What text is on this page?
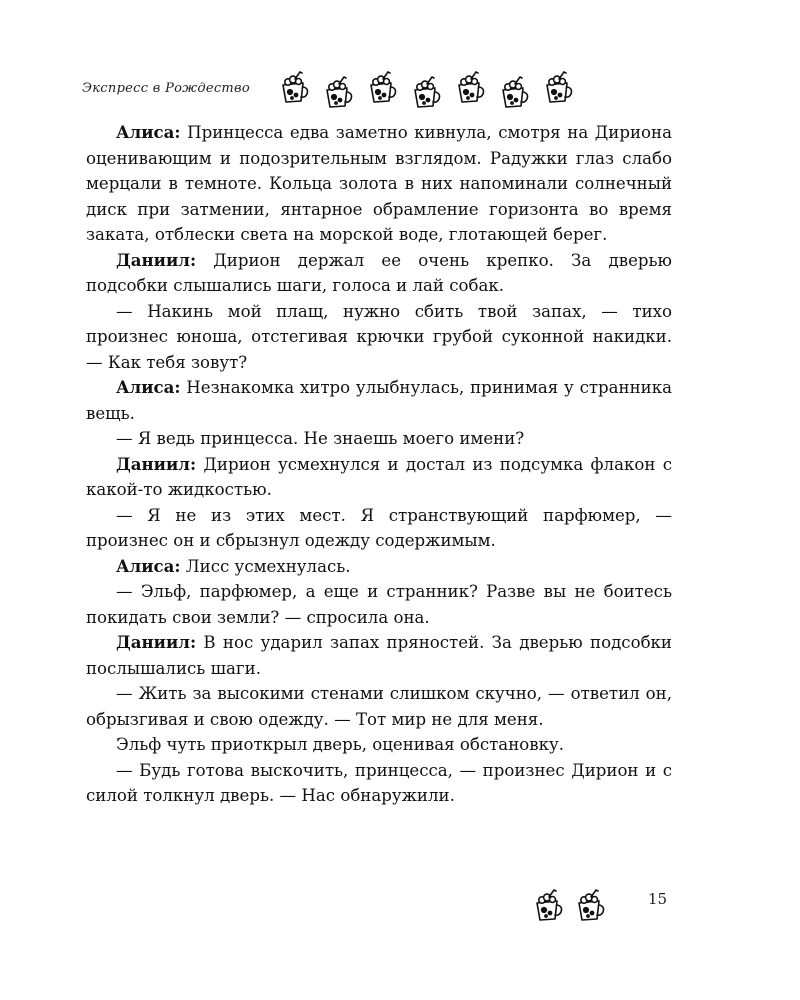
Экспресс в Рождество

Алиса: Принцесса едва заметно кивнула, смотря на Дириона оценивающим и подозрительным взглядом. Радужки глаз слабо мерцали в темноте. Кольца золота в них напоминали солнечный диск при затмении, янтарное обрамление горизонта во время заката, отблески света на морской воде, глотающей берег.

Даниил: Дирион держал ее очень крепко. За дверью подсобки слышались шаги, голоса и лай собак.

— Накинь мой плащ, нужно сбить твой запах, — тихо произнес юноша, отстегивая крючки грубой суконной накидки. — Как тебя зовут?

Алиса: Незнакомка хитро улыбнулась, принимая у странника вещь.

— Я ведь принцесса. Не знаешь моего имени?

Даниил: Дирион усмехнулся и достал из подсумка флакон с какой-то жидкостью.

— Я не из этих мест. Я странствующий парфюмер, — произнес он и сбрызнул одежду содержимым.

Алиса: Лисс усмехнулась.

— Эльф, парфюмер, а еще и странник? Разве вы не боитесь покидать свои земли? — спросила она.

Даниил: В нос ударил запах пряностей. За дверью подсобки послышались шаги.

— Жить за высокими стенами слишком скучно, — ответил он, обрызгивая и свою одежду. — Тот мир не для меня.

Эльф чуть приоткрыл дверь, оценивая обстановку.

— Будь готова выскочить, принцесса, — произнес Дирион и с силой толкнул дверь. — Нас обнаружили.

15
